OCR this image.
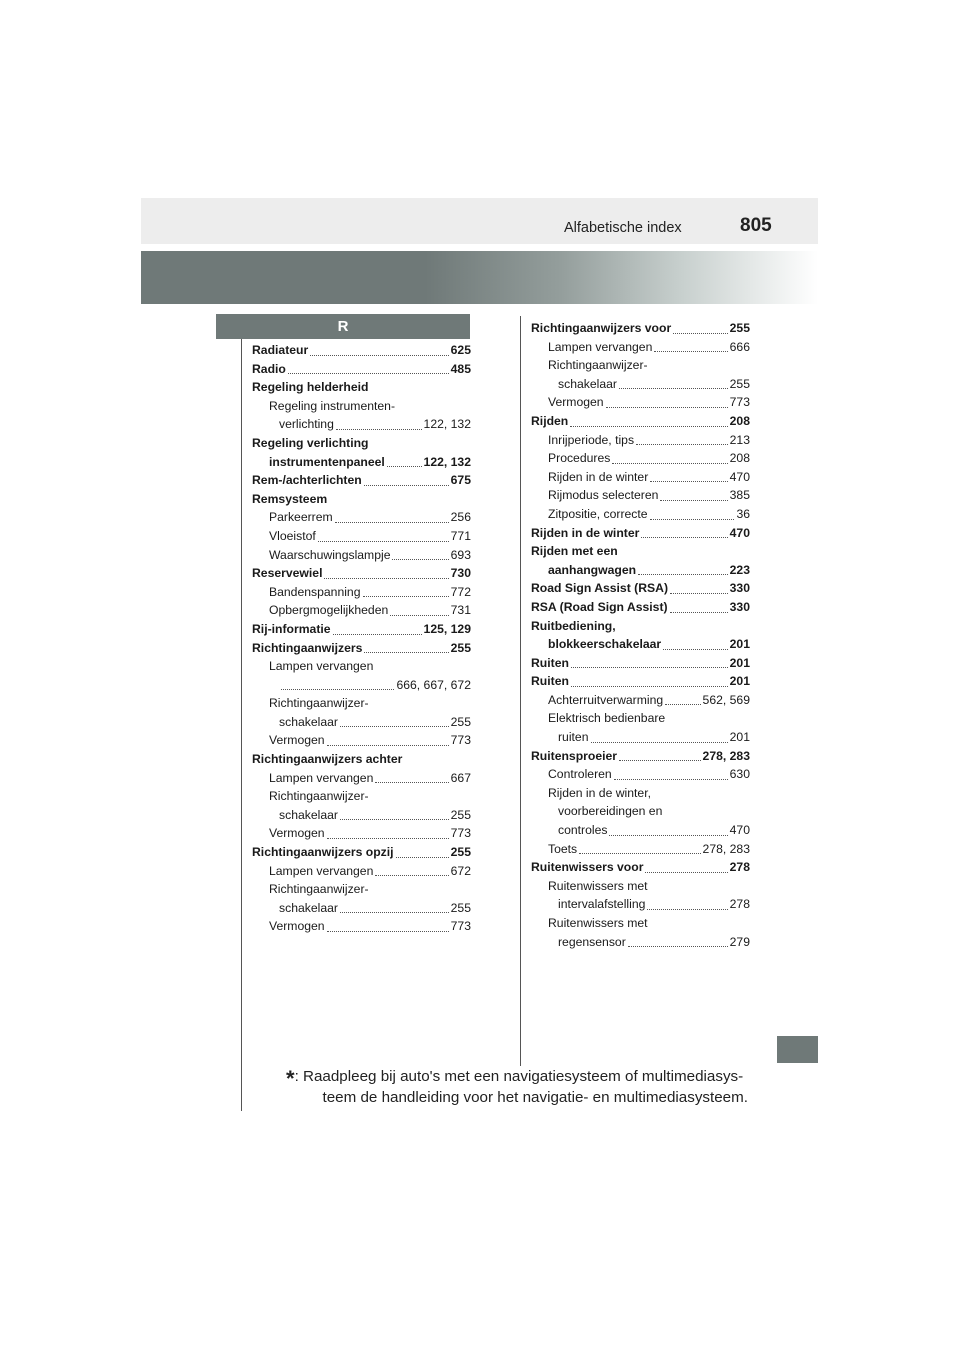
Alfabetische index	805
R
Radiateur	625
Radio	485
Regeling helderheid
Regeling instrumenten-
verlichting	122, 132
Regeling verlichting
instrumentenpaneel	122, 132
Rem-/achterlichten	675
Remsysteem
Parkeerrem	256
Vloeistof	771
Waarschuwingslampje	693
Reservewiel	730
Bandenspanning	772
Opbergmogelijkheden	731
Rij-informatie	125, 129
Richtingaanwijzers	255
Lampen vervangen
666, 667, 672
Richtingaanwijzer-
schakelaar	255
Vermogen	773
Richtingaanwijzers achter
Lampen vervangen	667
Richtingaanwijzer-
schakelaar	255
Vermogen	773
Richtingaanwijzers opzij	255
Lampen vervangen	672
Richtingaanwijzer-
schakelaar	255
Vermogen	773
Richtingaanwijzers voor	255
Lampen vervangen	666
Richtingaanwijzer-
schakelaar	255
Vermogen	773
Rijden	208
Inrijperiode, tips	213
Procedures	208
Rijden in de winter	470
Rijmodus selecteren	385
Zitpositie, correcte	36
Rijden in de winter	470
Rijden met een
aanhangwagen	223
Road Sign Assist (RSA)	330
RSA (Road Sign Assist)	330
Ruitbediening,
blokkeerschakelaar	201
Ruiten	201
Ruiten	201
Achterruitverwarming	562, 569
Elektrisch bedienbare
ruiten	201
Ruitensproeier	278, 283
Controleren	630
Rijden in de winter,
voorbereidingen en
controles	470
Toets	278, 283
Ruitenwissers voor	278
Ruitenwissers met
intervalafstelling	278
Ruitenwissers met
regensensor	279
*: Raadpleeg bij auto's met een navigatiesysteem of multimediasys-
teem de handleiding voor het navigatie- en multimediasysteem.
